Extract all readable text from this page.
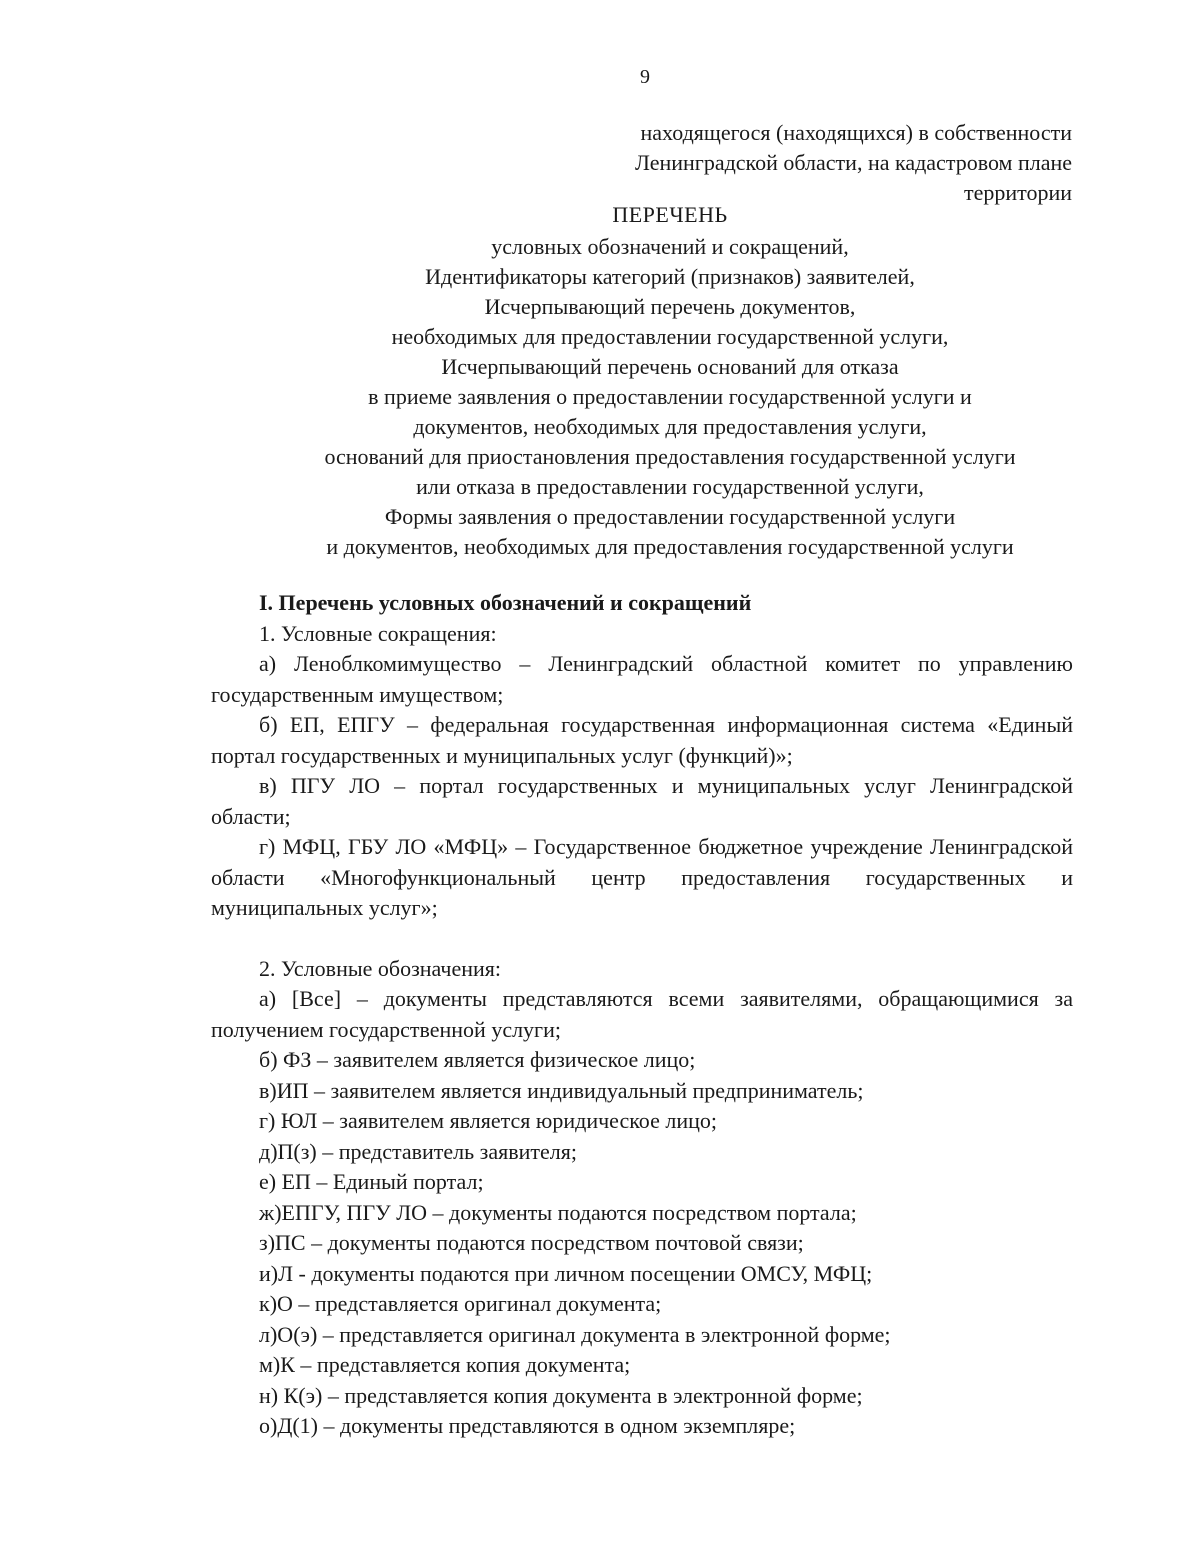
9
находящегося (находящихся) в собственности
Ленинградской области, на кадастровом плане
территории
ПЕРЕЧЕНЬ
условных обозначений и сокращений,
Идентификаторы категорий (признаков) заявителей,
Исчерпывающий перечень документов,
необходимых для предоставлении государственной услуги,
Исчерпывающий перечень оснований для отказа
в приеме заявления о предоставлении государственной услуги и
документов, необходимых для предоставления услуги,
оснований для приостановления предоставления государственной услуги
или отказа в предоставлении государственной услуги,
Формы заявления о предоставлении государственной услуги
и документов, необходимых для предоставления государственной услуги
I. Перечень условных обозначений и сокращений
1. Условные сокращения:
а) Леноблкомимущество – Ленинградский областной комитет по управлению государственным имуществом;
б) ЕП, ЕПГУ – федеральная государственная информационная система «Единый портал государственных и муниципальных услуг (функций)»;
в) ПГУ ЛО – портал государственных и муниципальных услуг Ленинградской области;
г) МФЦ, ГБУ ЛО «МФЦ» – Государственное бюджетное учреждение Ленинградской области «Многофункциональный центр предоставления государственных и муниципальных услуг»;
2. Условные обозначения:
а) [Все] – документы представляются всеми заявителями, обращающимися за получением государственной услуги;
б) ФЗ – заявителем является физическое лицо;
в)ИП – заявителем является индивидуальный предприниматель;
г) ЮЛ – заявителем является юридическое лицо;
д)П(з) – представитель заявителя;
е) ЕП – Единый портал;
ж)ЕПГУ, ПГУ ЛО – документы подаются посредством портала;
з)ПС – документы подаются посредством почтовой связи;
и)Л - документы подаются при личном посещении ОМСУ, МФЦ;
к)О – представляется оригинал документа;
л)О(э) – представляется оригинал документа в электронной форме;
м)К – представляется копия документа;
н) К(э) – представляется копия документа в электронной форме;
о)Д(1) – документы представляются в одном экземпляре;
